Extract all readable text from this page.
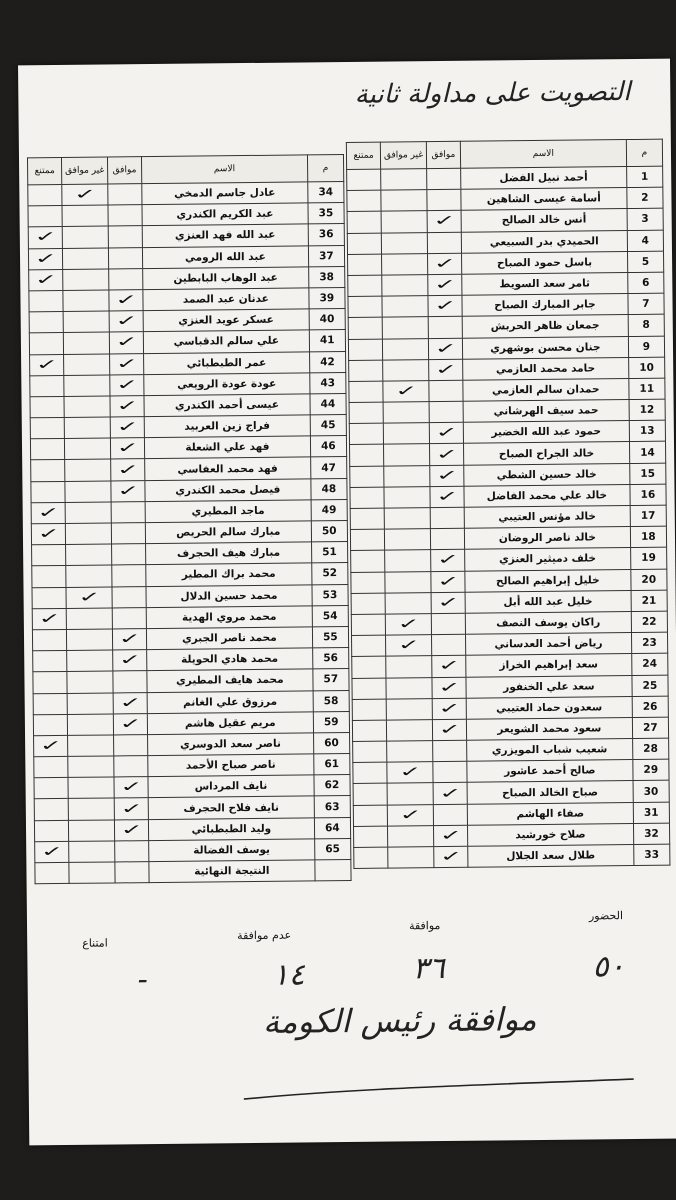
التصويت على مداولة ثانية
م	الاسم	موافق	غير موافق	ممتنع
1	أحمد نبيل الفضل			
2	أسامة عيسى الشاهين			
3	أنس خالد الصالح	✓		
4	الحميدي بدر السبيعي			
5	باسل حمود الصباح	✓		
6	ثامر سعد السويط	✓		
7	جابر المبارك الصباح	✓		
8	جمعان ظاهر الحربش			
9	جنان محسن بوشهري	✓		
10	حامد محمد العازمي	✓		
11	حمدان سالم العازمي		✓	
12	حمد سيف الهرشاني			
13	حمود عبد الله الخضير	✓		
14	خالد الجراح الصباح	✓		
15	خالد حسين الشطي	✓		
16	خالد علي محمد الفاضل	✓		
17	خالد مؤنس العتيبي			
18	خالد ناصر الروضان			
19	خلف دميثير العنزي	✓		
20	خليل إبراهيم الصالح	✓		
21	خليل عبد الله أبل	✓		
22	راكان يوسف النصف		✓	
23	رياض أحمد العدساني		✓	
24	سعد إبراهيم الخراز	✓		
25	سعد علي الخنفور	✓		
26	سعدون حماد العتيبي	✓		
27	سعود محمد الشويعر	✓		
28	شعيب شباب المويزري			
29	صالح أحمد عاشور		✓	
30	صباح الخالد الصباح	✓		
31	صفاء الهاشم		✓	
32	صلاح خورشيد	✓		
33	طلال سعد الجلال	✓		
م	الاسم	موافق	غير موافق	ممتنع
34	عادل جاسم الدمخي		✓	
35	عبد الكريم الكندري			
36	عبد الله فهد العنزي			✓
37	عبد الله الرومي			✓
38	عبد الوهاب البابطين			✓
39	عدنان عبد الصمد	✓		
40	عسكر عويد العنزي	✓		
41	علي سالم الدقباسي	✓		
42	عمر الطبطبائي	✓		✓
43	عودة عودة الرويعي	✓		
44	عيسى أحمد الكندري	✓		
45	فراج زين العربيد	✓		
46	فهد علي الشعلة	✓		
47	فهد محمد العفاسي	✓		
48	فيصل محمد الكندري	✓		
49	ماجد المطيري			✓
50	مبارك سالم الحريص			✓
51	مبارك هيف الحجرف			
52	محمد براك المطير			
53	محمد حسين الدلال		✓	
54	محمد مروي الهدية			✓
55	محمد ناصر الجبري	✓		
56	محمد هادي الحويلة	✓		
57	محمد هايف المطيري			
58	مرزوق علي الغانم	✓		
59	مريم عقيل هاشم	✓		
60	ناصر سعد الدوسري			✓
61	ناصر صباح الأحمد			
62	نايف المرداس	✓		
63	نايف فلاح الحجرف	✓		
64	وليد الطبطبائي	✓		
65	يوسف الفضالة			✓
	النتيجة النهائية			
الحضور
موافقة
عدم موافقة
امتناع
٥٠
٣٦
١٤
-
موافقة رئيس الكومة
